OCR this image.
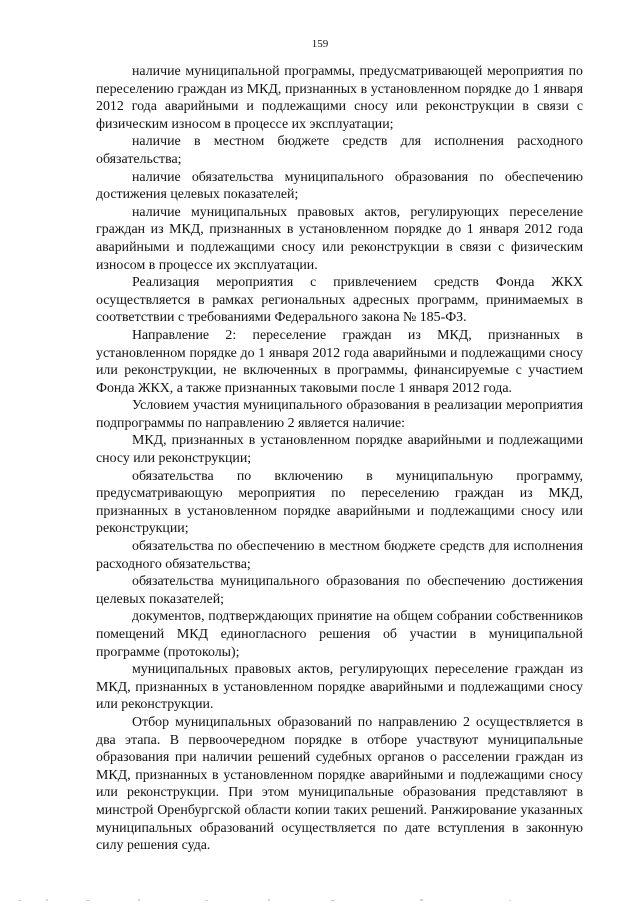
159

наличие муниципальной программы, предусматривающей мероприятия по переселению граждан из МКД, признанных в установленном порядке до 1 января 2012 года аварийными и подлежащими сносу или реконструкции в связи с физическим износом в процессе их эксплуатации;

наличие в местном бюджете средств для исполнения расходного обязательства;

наличие обязательства муниципального образования по обеспечению достижения целевых показателей;

наличие муниципальных правовых актов, регулирующих переселение граждан из МКД, признанных в установленном порядке до 1 января 2012 года аварийными и подлежащими сносу или реконструкции в связи с физическим износом в процессе их эксплуатации.

Реализация мероприятия с привлечением средств Фонда ЖКХ осуществляется в рамках региональных адресных программ, принимаемых в соответствии с требованиями Федерального закона № 185-ФЗ.

Направление 2: переселение граждан из МКД, признанных в установленном порядке до 1 января 2012 года аварийными и подлежащими сносу или реконструкции, не включенных в программы, финансируемые с участием Фонда ЖКХ, а также признанных таковыми после 1 января 2012 года.

Условием участия муниципального образования в реализации мероприятия подпрограммы по направлению 2 является наличие:

МКД, признанных в установленном порядке аварийными и подлежащими сносу или реконструкции;

обязательства по включению в муниципальную программу, предусматривающую мероприятия по переселению граждан из МКД, признанных в установленном порядке аварийными и подлежащими сносу или реконструкции;

обязательства по обеспечению в местном бюджете средств для исполнения расходного обязательства;

обязательства муниципального образования по обеспечению достижения целевых показателей;

документов, подтверждающих принятие на общем собрании собственников помещений МКД единогласного решения об участии в муниципальной программе (протоколы);

муниципальных правовых актов, регулирующих переселение граждан из МКД, признанных в установленном порядке аварийными и подлежащими сносу или реконструкции.

Отбор муниципальных образований по направлению 2 осуществляется в два этапа. В первоочередном порядке в отборе участвуют муниципальные образования при наличии решений судебных органов о расселении граждан из МКД, признанных в установленном порядке аварийными и подлежащими сносу или реконструкции. При этом муниципальные образования представляют в минстрой Оренбургской области копии таких решений. Ранжирование указанных муниципальных образований осуществляется по дате вступления в законную силу решения суда.
